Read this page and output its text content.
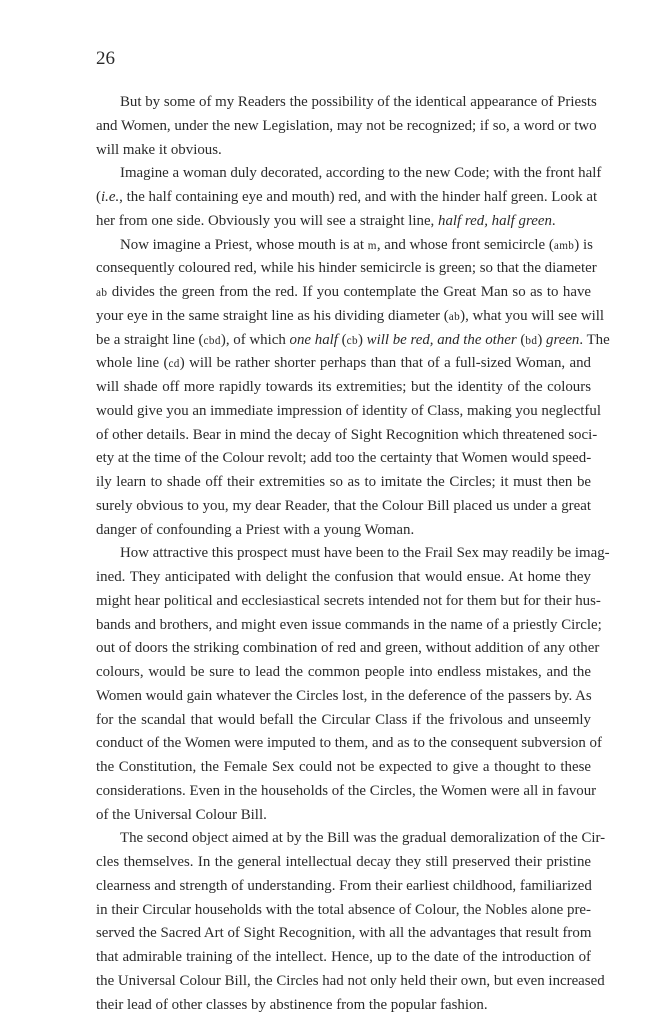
26
But by some of my Readers the possibility of the identical appearance of Priests
and Women, under the new Legislation, may not be recognized; if so, a word or two
will make it obvious.
Imagine a woman duly decorated, according to the new Code; with the front half
(i.e., the half containing eye and mouth) red, and with the hinder half green. Look at
her from one side. Obviously you will see a straight line, half red, half green.
Now imagine a Priest, whose mouth is at m, and whose front semicircle (amb) is
consequently coloured red, while his hinder semicircle is green; so that the diameter
ab divides the green from the red. If you contemplate the Great Man so as to have
your eye in the same straight line as his dividing diameter (ab), what you will see will
be a straight line (cbd), of which one half (cb) will be red, and the other (bd) green. The
whole line (cd) will be rather shorter perhaps than that of a full-sized Woman, and
will shade off more rapidly towards its extremities; but the identity of the colours
would give you an immediate impression of identity of Class, making you neglectful
of other details. Bear in mind the decay of Sight Recognition which threatened soci-
ety at the time of the Colour revolt; add too the certainty that Women would speed-
ily learn to shade off their extremities so as to imitate the Circles; it must then be
surely obvious to you, my dear Reader, that the Colour Bill placed us under a great
danger of confounding a Priest with a young Woman.
How attractive this prospect must have been to the Frail Sex may readily be imag-
ined. They anticipated with delight the confusion that would ensue. At home they
might hear political and ecclesiastical secrets intended not for them but for their hus-
bands and brothers, and might even issue commands in the name of a priestly Circle;
out of doors the striking combination of red and green, without addition of any other
colours, would be sure to lead the common people into endless mistakes, and the
Women would gain whatever the Circles lost, in the deference of the passers by. As
for the scandal that would befall the Circular Class if the frivolous and unseemly
conduct of the Women were imputed to them, and as to the consequent subversion of
the Constitution, the Female Sex could not be expected to give a thought to these
considerations. Even in the households of the Circles, the Women were all in favour
of the Universal Colour Bill.
The second object aimed at by the Bill was the gradual demoralization of the Cir-
cles themselves. In the general intellectual decay they still preserved their pristine
clearness and strength of understanding. From their earliest childhood, familiarized
in their Circular households with the total absence of Colour, the Nobles alone pre-
served the Sacred Art of Sight Recognition, with all the advantages that result from
that admirable training of the intellect. Hence, up to the date of the introduction of
the Universal Colour Bill, the Circles had not only held their own, but even increased
their lead of other classes by abstinence from the popular fashion.
